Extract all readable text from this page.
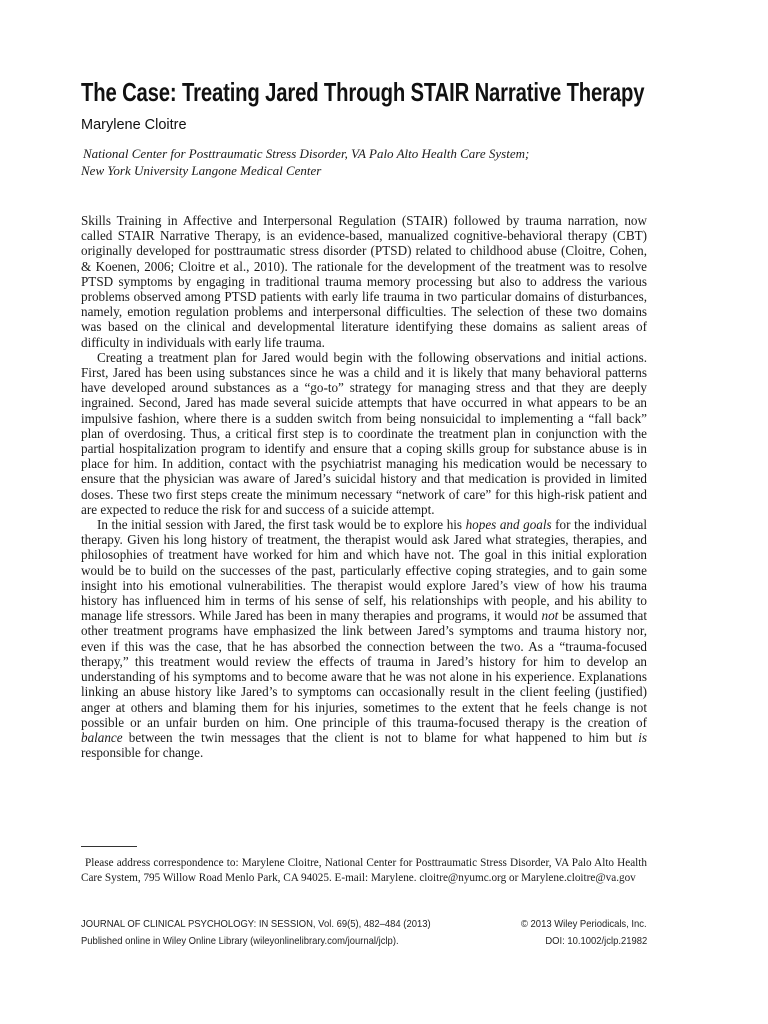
The Case: Treating Jared Through STAIR Narrative Therapy
Marylene Cloitre
National Center for Posttraumatic Stress Disorder, VA Palo Alto Health Care System;
New York University Langone Medical Center

Skills Training in Affective and Interpersonal Regulation (STAIR) followed by trauma narration, now called STAIR Narrative Therapy, is an evidence-based, manualized cognitive-behavioral therapy (CBT) originally developed for posttraumatic stress disorder (PTSD) related to childhood abuse (Cloitre, Cohen, & Koenen, 2006; Cloitre et al., 2010). The rationale for the development of the treatment was to resolve PTSD symptoms by engaging in traditional trauma memory processing but also to address the various problems observed among PTSD patients with early life trauma in two particular domains of disturbances, namely, emotion regulation problems and interpersonal difficulties. The selection of these two domains was based on the clinical and developmental literature identifying these domains as salient areas of difficulty in individuals with early life trauma.

Creating a treatment plan for Jared would begin with the following observations and initial actions. First, Jared has been using substances since he was a child and it is likely that many behavioral patterns have developed around substances as a “go-to” strategy for managing stress and that they are deeply ingrained. Second, Jared has made several suicide attempts that have occurred in what appears to be an impulsive fashion, where there is a sudden switch from being nonsuicidal to implementing a “fall back” plan of overdosing. Thus, a critical first step is to coordinate the treatment plan in conjunction with the partial hospitalization program to identify and ensure that a coping skills group for substance abuse is in place for him. In addition, contact with the psychiatrist managing his medication would be necessary to ensure that the physician was aware of Jared’s suicidal history and that medication is provided in limited doses. These two first steps create the minimum necessary “network of care” for this high-risk patient and are expected to reduce the risk for and success of a suicide attempt.

In the initial session with Jared, the first task would be to explore his hopes and goals for the individual therapy. Given his long history of treatment, the therapist would ask Jared what strategies, therapies, and philosophies of treatment have worked for him and which have not. The goal in this initial exploration would be to build on the successes of the past, particularly effective coping strategies, and to gain some insight into his emotional vulnerabilities. The therapist would explore Jared’s view of how his trauma history has influenced him in terms of his sense of self, his relationships with people, and his ability to manage life stressors. While Jared has been in many therapies and programs, it would not be assumed that other treatment programs have emphasized the link between Jared’s symptoms and trauma history nor, even if this was the case, that he has absorbed the connection between the two. As a “trauma-focused therapy,” this treatment would review the effects of trauma in Jared’s history for him to develop an understanding of his symptoms and to become aware that he was not alone in his experience. Explanations linking an abuse history like Jared’s to symptoms can occasionally result in the client feeling (justified) anger at others and blaming them for his injuries, sometimes to the extent that he feels change is not possible or an unfair burden on him. One principle of this trauma-focused therapy is the creation of balance between the twin messages that the client is not to blame for what happened to him but is responsible for change.

Please address correspondence to: Marylene Cloitre, National Center for Posttraumatic Stress Disorder, VA Palo Alto Health Care System, 795 Willow Road Menlo Park, CA 94025. E-mail: Marylene. cloitre@nyumc.org or Marylene.cloitre@va.gov
JOURNAL OF CLINICAL PSYCHOLOGY: IN SESSION, Vol. 69(5), 482–484 (2013)	© 2013 Wiley Periodicals, Inc.
Published online in Wiley Online Library (wileyonlinelibrary.com/journal/jclp).	DOI: 10.1002/jclp.21982
